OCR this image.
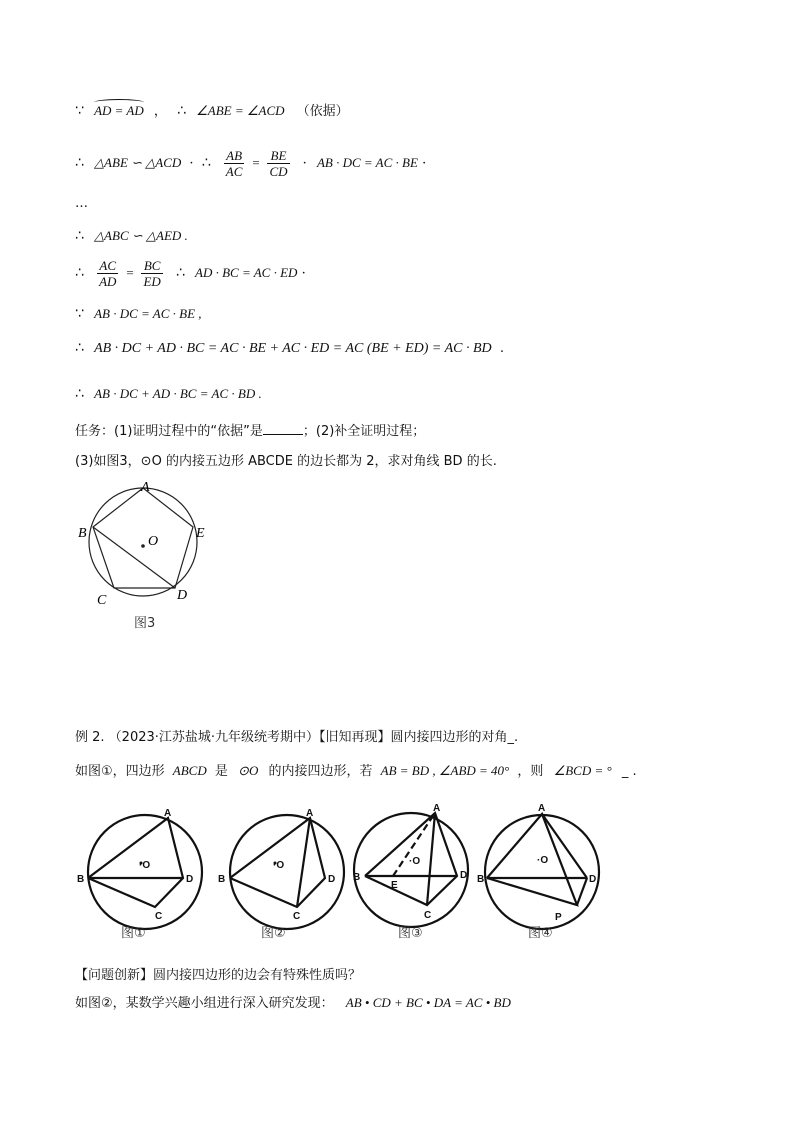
∵ AD = AD ， ∴ ∠ABE = ∠ACD （依据）
∴ △ABE ∽ △ACD · ∴ $\frac{AB}{AC} = \frac{BE}{CD}$ · AB · DC = AC · BE ·
…
∴ △ABC ∽ △AED .
∴ $\frac{AC}{AD} = \frac{BC}{ED}$ ∴ AD · BC = AC · ED ·
∵ AB · DC = AC · BE ,
∴ AB · DC + AD · BC = AC · BE + AC · ED = AC (BE + ED) = AC · BD .
∴ AB · DC + AD · BC = AC · BD .
任务：(1)证明过程中的“依据”是	；(2)补全证明过程；
(3)如图3，⊙O 的内接五边形 ABCDE 的边长都为 2，求对角线 BD 的长.
A
B
C	D
E
O
图3
例 2. （2023·江苏盐城·九年级统考期中）【旧知再现】圆内接四边形的对角_.
如图①，四边形 ABCD 是 ⊙O 的内接四边形，若 AB = BD , ∠ABD = 40° ，则 ∠BCD = ° _ .
A
B
C
D
·O
A
B
C
D
·O
A
B
C
D
E
·O
A
B	D
P
·O
图①	图②	图③	图④
【问题创新】圆内接四边形的边会有特殊性质吗？
如图②，某数学兴趣小组进行深入研究发现： AB • CD + BC • DA = AC • BD
